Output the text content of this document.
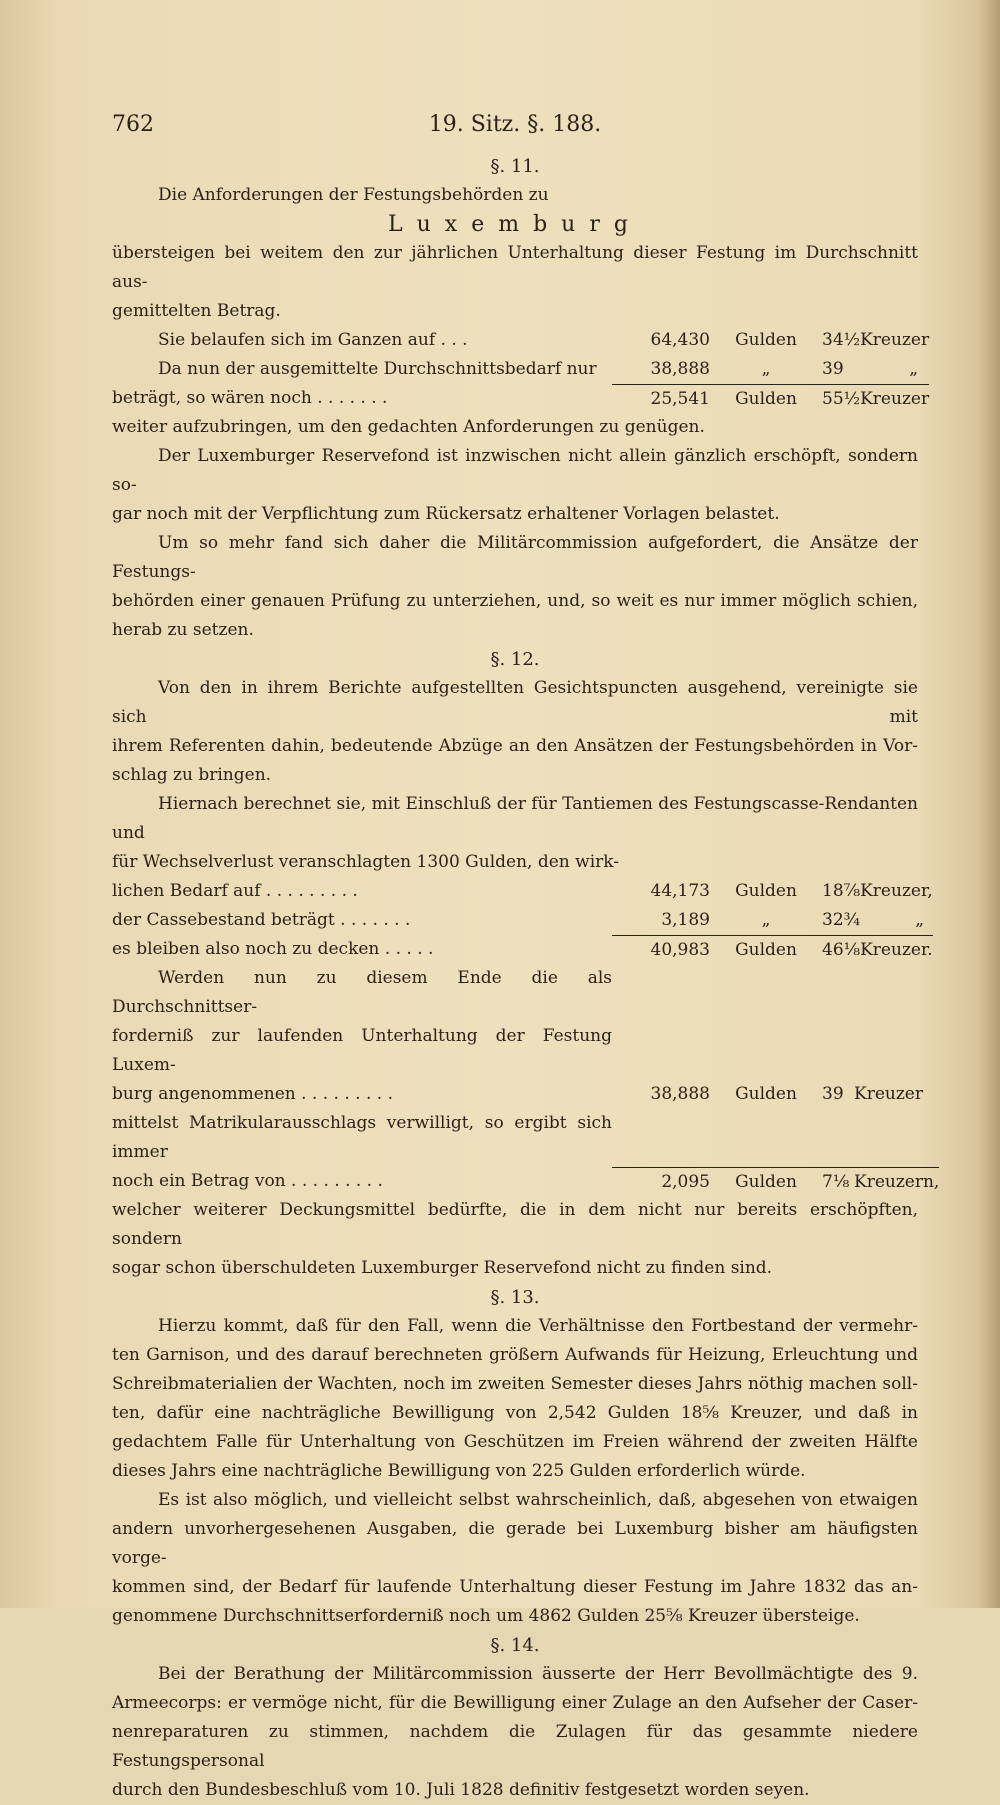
762	19. Sitz. §. 188.
§. 11.
Die Anforderungen der Festungsbehörden zu
Luxemburg
übersteigen bei weitem den zur jährlichen Unterhaltung dieser Festung im Durchschnitt aus-
gemittelten Betrag.
Sie belaufen sich im Ganzen auf . . .	64,430	Gulden	34½ Kreuzer
Da nun der ausgemittelte Durchschnittsbedarf nur	38,888	„	39	„
beträgt, so wären noch . . . . . . .	25,541	Gulden	55½ Kreuzer
weiter aufzubringen, um den gedachten Anforderungen zu genügen.
Der Luxemburger Reservefond ist inzwischen nicht allein gänzlich erschöpft, sondern so-
gar noch mit der Verpflichtung zum Rückersatz erhaltener Vorlagen belastet.
Um so mehr fand sich daher die Militärcommission aufgefordert, die Ansätze der Festungs-
behörden einer genauen Prüfung zu unterziehen, und, so weit es nur immer möglich schien,
herab zu setzen.
§. 12.
Von den in ihrem Berichte aufgestellten Gesichtspuncten ausgehend, vereinigte sie sich mit
ihrem Referenten dahin, bedeutende Abzüge an den Ansätzen der Festungsbehörden in Vor-
schlag zu bringen.
Hiernach berechnet sie, mit Einschluß der für Tantiemen des Festungscasse-Rendanten und
für Wechselverlust veranschlagten 1300 Gulden, den wirk-
lichen Bedarf auf . . . . . . . . .	44,173	Gulden	18⅞ Kreuzer,
der Cassebestand beträgt . . . . . . .	3,189	„	32¾	„
es bleiben also noch zu decken . . . . .	40,983	Gulden	46⅛ Kreuzer.
Werden nun zu diesem Ende die als Durchschnittser-
forderniß zur laufenden Unterhaltung der Festung Luxem-
burg angenommenen . . . . . . . . .	38,888	Gulden	39 Kreuzer
mittelst Matrikularausschlags verwilligt, so ergibt sich immer
noch ein Betrag von . . . . . . . . .	2,095	Gulden	7⅛ Kreuzern,
welcher weiterer Deckungsmittel bedürfte, die in dem nicht nur bereits erschöpften, sondern
sogar schon überschuldeten Luxemburger Reservefond nicht zu finden sind.
§. 13.
Hierzu kommt, daß für den Fall, wenn die Verhältnisse den Fortbestand der vermehr-
ten Garnison, und des darauf berechneten größern Aufwands für Heizung, Erleuchtung und
Schreibmaterialien der Wachten, noch im zweiten Semester dieses Jahrs nöthig machen soll-
ten, dafür eine nachträgliche Bewilligung von 2,542 Gulden 18⅝ Kreuzer, und daß in
gedachtem Falle für Unterhaltung von Geschützen im Freien während der zweiten Hälfte
dieses Jahrs eine nachträgliche Bewilligung von 225 Gulden erforderlich würde.
Es ist also möglich, und vielleicht selbst wahrscheinlich, daß, abgesehen von etwaigen
andern unvorhergesehenen Ausgaben, die gerade bei Luxemburg bisher am häufigsten vorge-
kommen sind, der Bedarf für laufende Unterhaltung dieser Festung im Jahre 1832 das an-
genommene Durchschnittserforderniß noch um 4862 Gulden 25⅝ Kreuzer übersteige.
§. 14.
Bei der Berathung der Militärcommission äusserte der Herr Bevollmächtigte des 9.
Armeecorps: er vermöge nicht, für die Bewilligung einer Zulage an den Aufseher der Caser-
nenreparaturen zu stimmen, nachdem die Zulagen für das gesammte niedere Festungspersonal
durch den Bundesbeschluß vom 10. Juli 1828 definitiv festgesetzt worden seyen.
